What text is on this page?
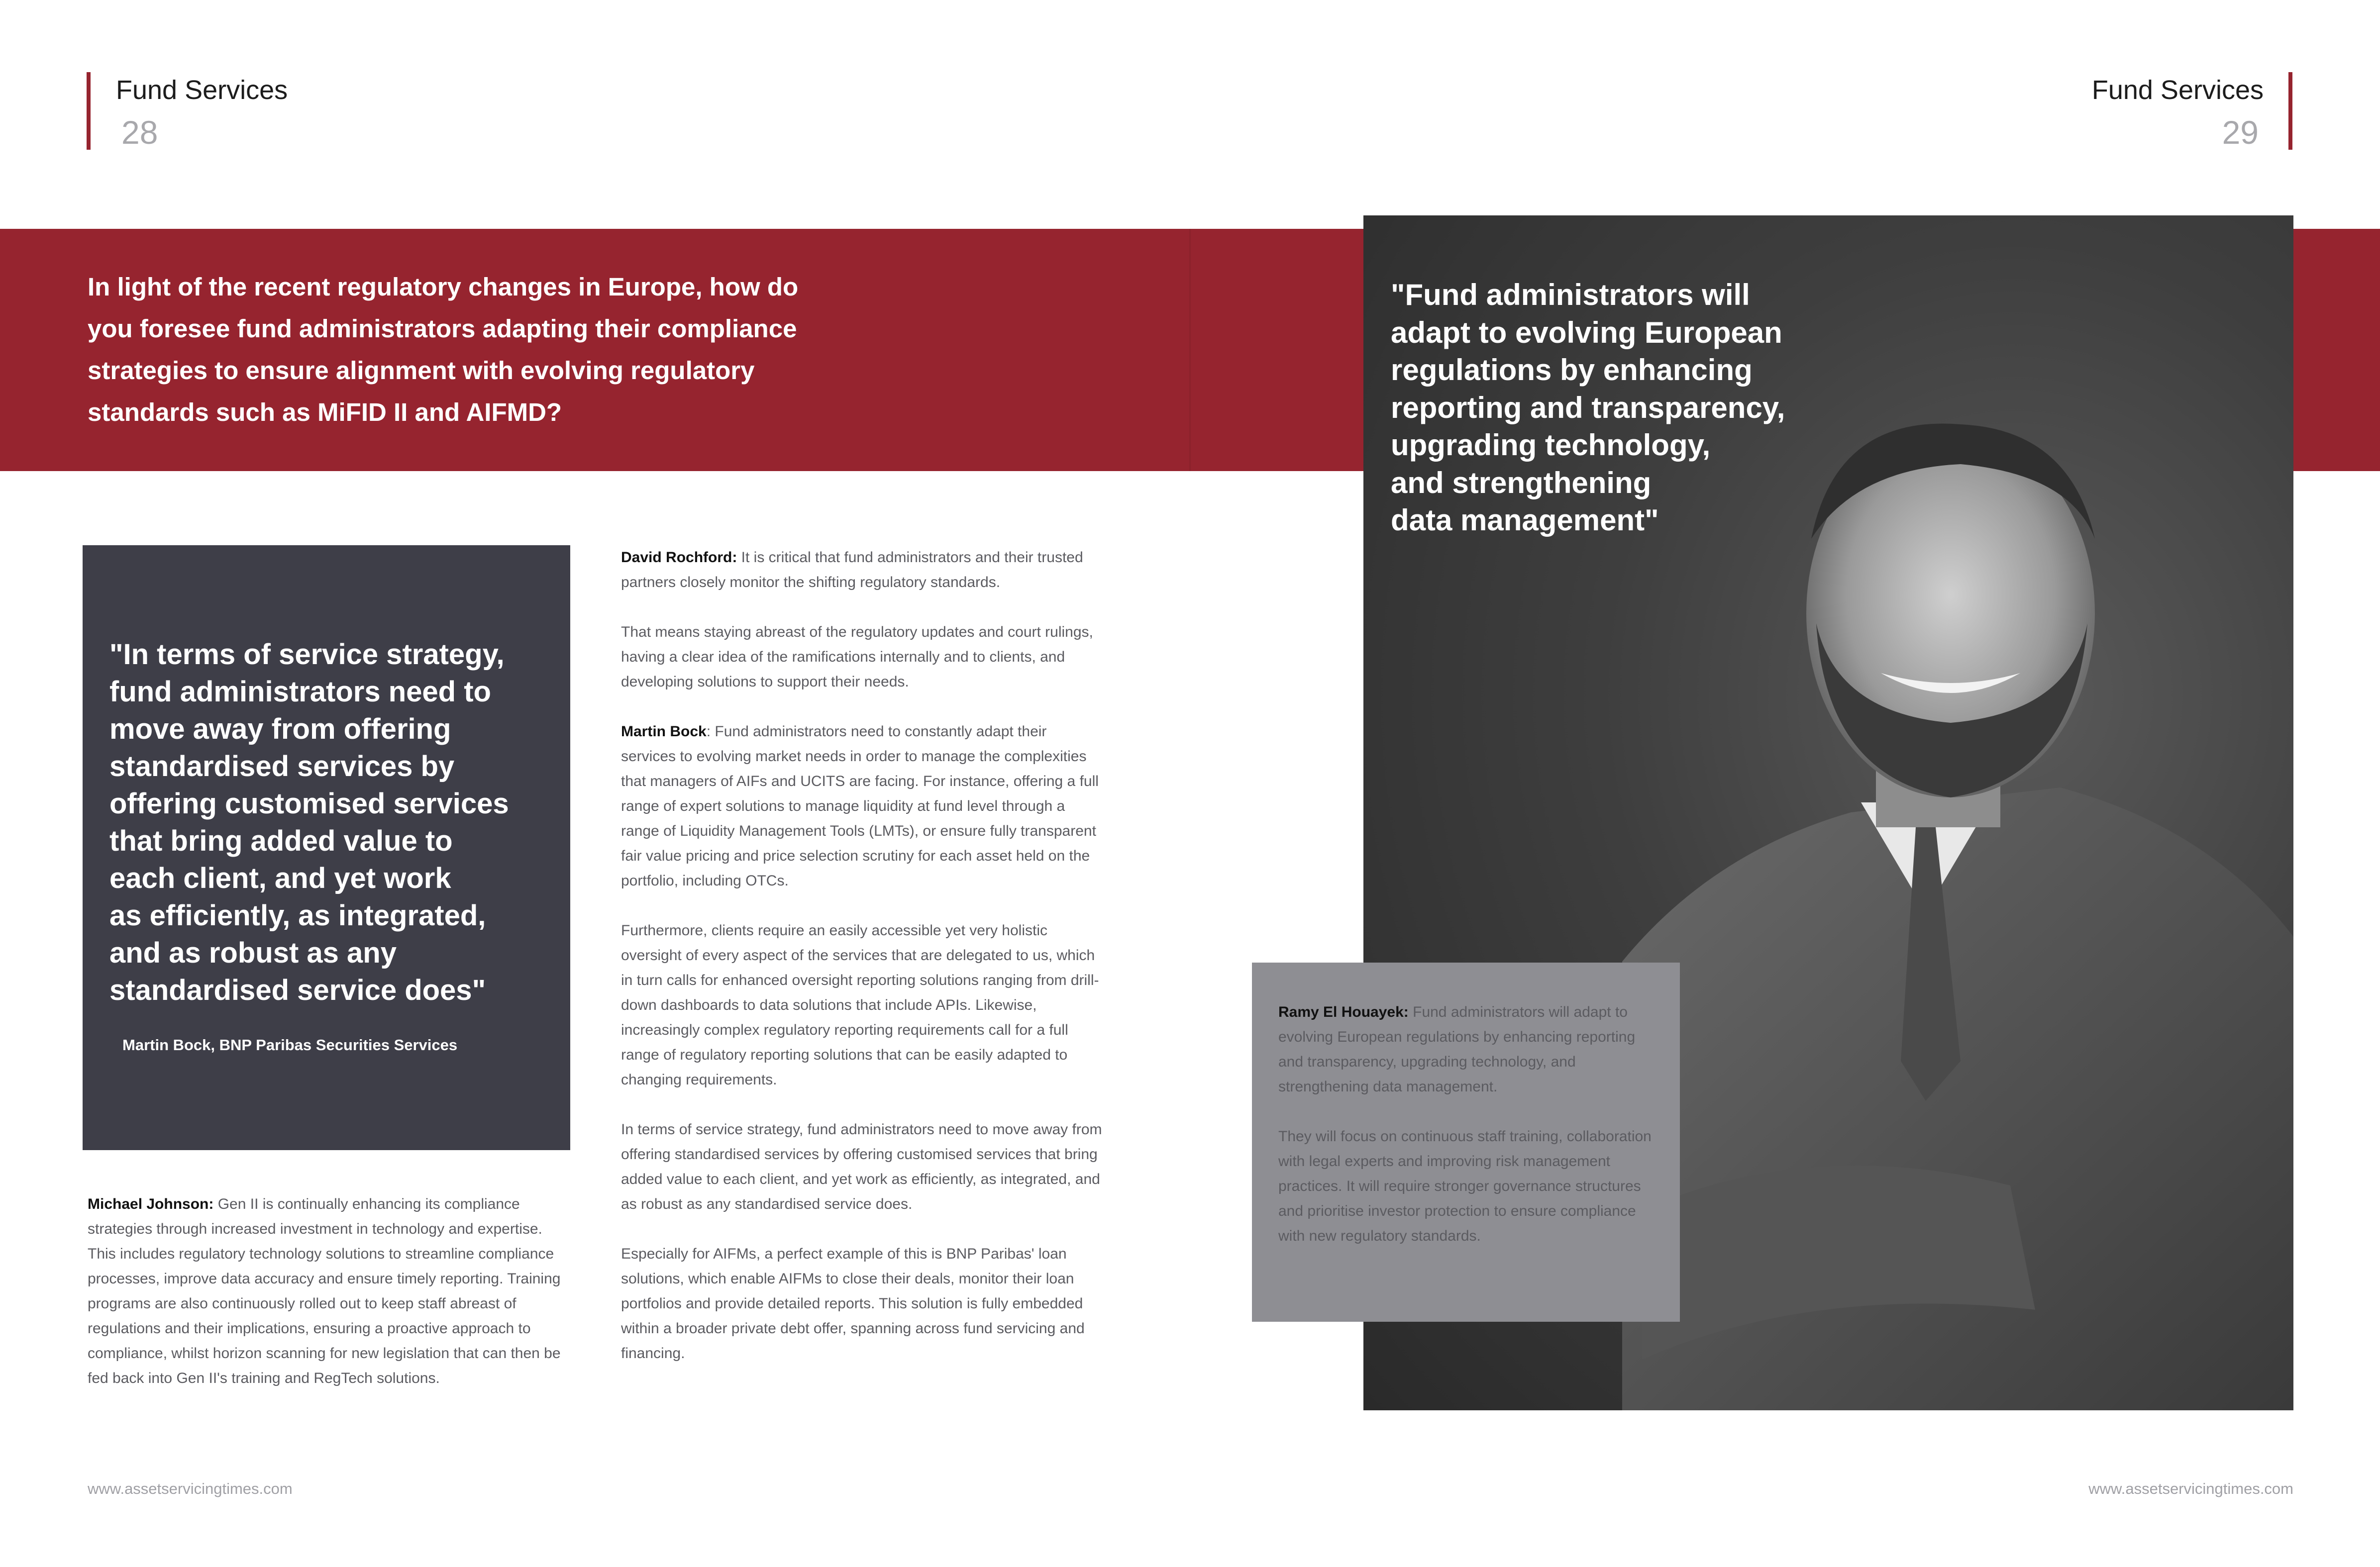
Fund Services
28
Fund Services
29
In light of the recent regulatory changes in Europe, how do you foresee fund administrators adapting their compliance strategies to ensure alignment with evolving regulatory standards such as MiFID II and AIFMD?
"Fund administrators will
adapt to evolving European
regulations by enhancing
reporting and transparency,
upgrading technology,
and strengthening
data management"

Ramy El Houayek: Fund administrators will adapt to evolving European regulations by enhancing reporting and transparency, upgrading technology, and strengthening data management.

They will focus on continuous staff training, collaboration with legal experts and improving risk management practices. It will require stronger governance structures and prioritise investor protection to ensure compliance with new regulatory standards.

"In terms of service strategy,
fund administrators need to
move away from offering
standardised services by
offering customised services
that bring added value to
each client, and yet work
as efficiently, as integrated,
and as robust as any
standardised service does"
Martin Bock, BNP Paribas Securities Services

Michael Johnson: Gen II is continually enhancing its compliance strategies through increased investment in technology and expertise. This includes regulatory technology solutions to streamline compliance processes, improve data accuracy and ensure timely reporting. Training programs are also continuously rolled out to keep staff abreast of regulations and their implications, ensuring a proactive approach to compliance, whilst horizon scanning for new legislation that can then be fed back into Gen II's training and RegTech solutions.

David Rochford: It is critical that fund administrators and their trusted partners closely monitor the shifting regulatory standards.

That means staying abreast of the regulatory updates and court rulings, having a clear idea of the ramifications internally and to clients, and developing solutions to support their needs.

Martin Bock: Fund administrators need to constantly adapt their services to evolving market needs in order to manage the complexities that managers of AIFs and UCITS are facing. For instance, offering a full range of expert solutions to manage liquidity at fund level through a range of Liquidity Management Tools (LMTs), or ensure fully transparent fair value pricing and price selection scrutiny for each asset held on the portfolio, including OTCs.

Furthermore, clients require an easily accessible yet very holistic oversight of every aspect of the services that are delegated to us, which in turn calls for enhanced oversight reporting solutions ranging from drill-down dashboards to data solutions that include APIs. Likewise, increasingly complex regulatory reporting requirements call for a full range of regulatory reporting solutions that can be easily adapted to changing requirements.

In terms of service strategy, fund administrators need to move away from offering standardised services by offering customised services that bring added value to each client, and yet work as efficiently, as integrated, and as robust as any standardised service does.

Especially for AIFMs, a perfect example of this is BNP Paribas' loan solutions, which enable AIFMs to close their deals, monitor their loan portfolios and provide detailed reports. This solution is fully embedded within a broader private debt offer, spanning across fund servicing and financing.

www.assetservicingtimes.com	www.assetservicingtimes.com
